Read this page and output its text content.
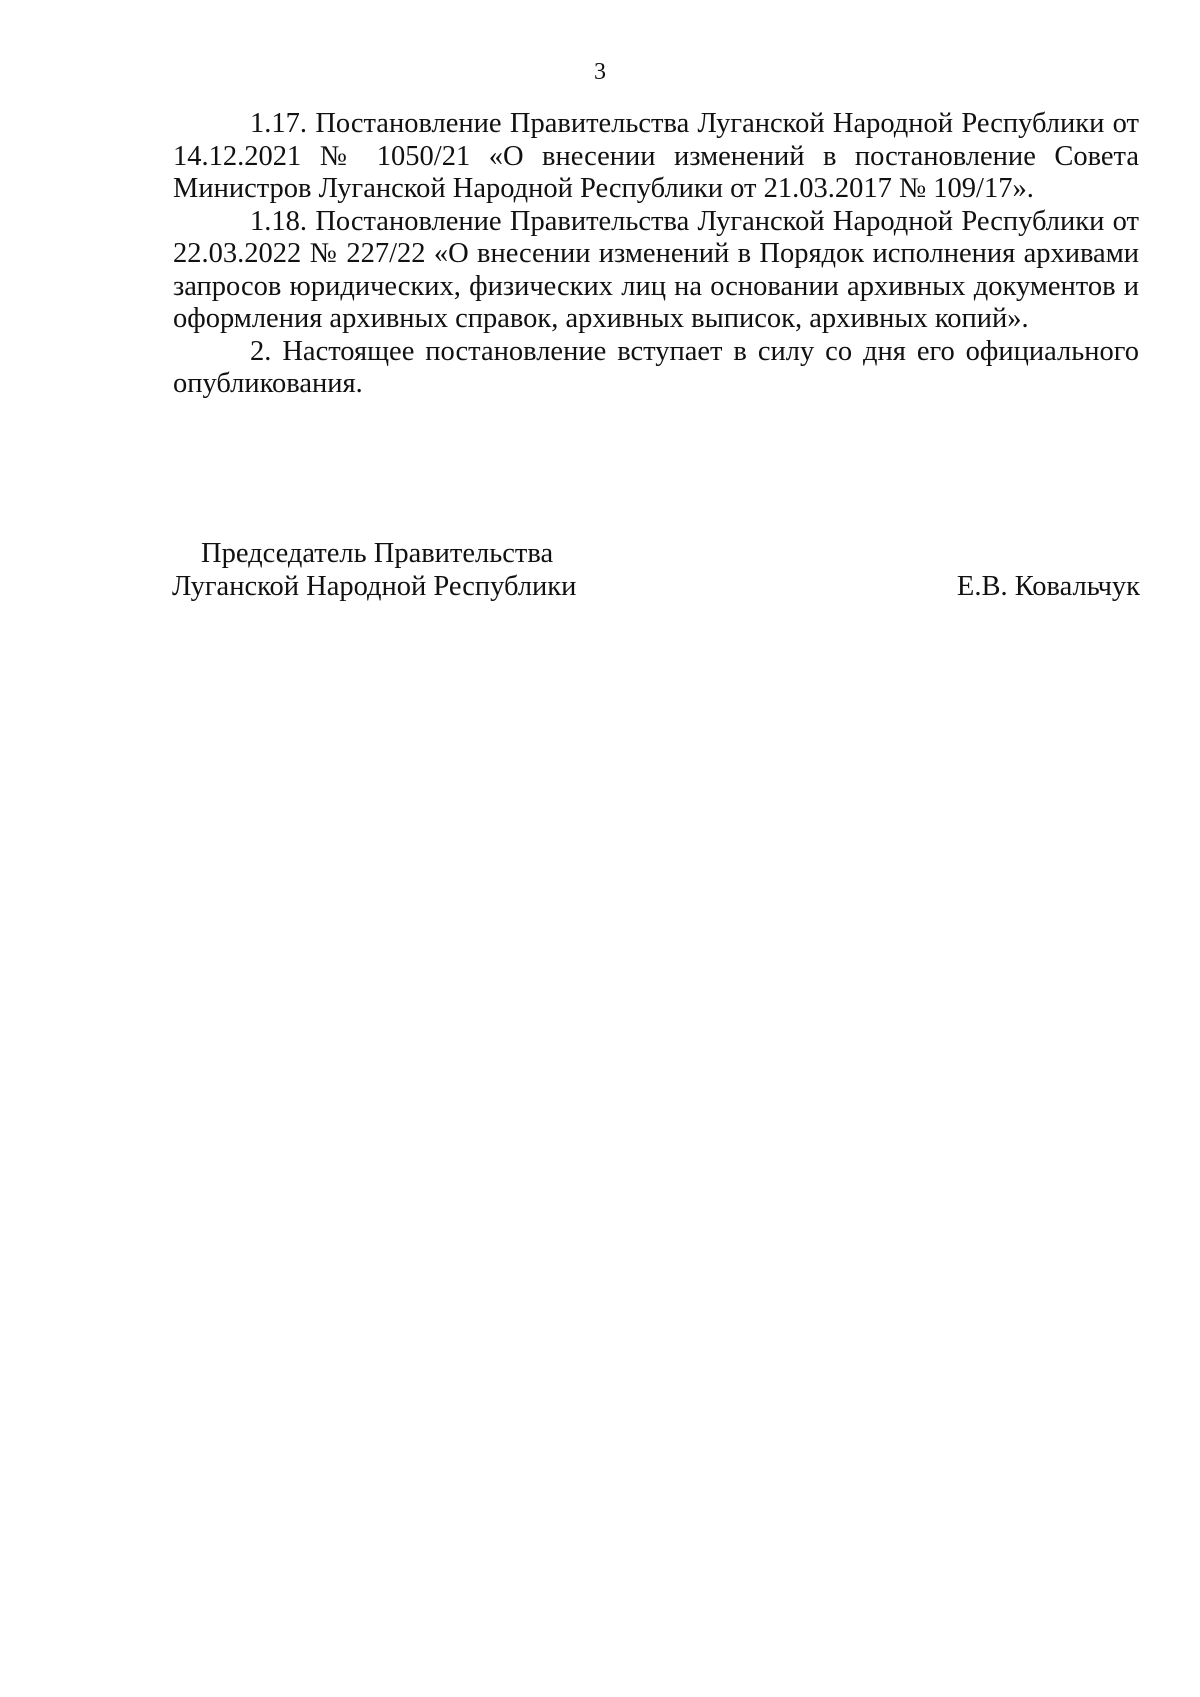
3

1.17. Постановление Правительства Луганской Народной Республики от 14.12.2021 № 1050/21 «О внесении изменений в постановление Совета Министров Луганской Народной Республики от 21.03.2017 № 109/17».

1.18. Постановление Правительства Луганской Народной Республики от 22.03.2022 № 227/22 «О внесении изменений в Порядок исполнения архивами запросов юридических, физических лиц на основании архивных документов и оформления архивных справок, архивных выписок, архивных копий».

2. Настоящее постановление вступает в силу со дня его официального опубликования.

Председатель Правительства
Луганской Народной Республики	Е.В. Ковальчук
